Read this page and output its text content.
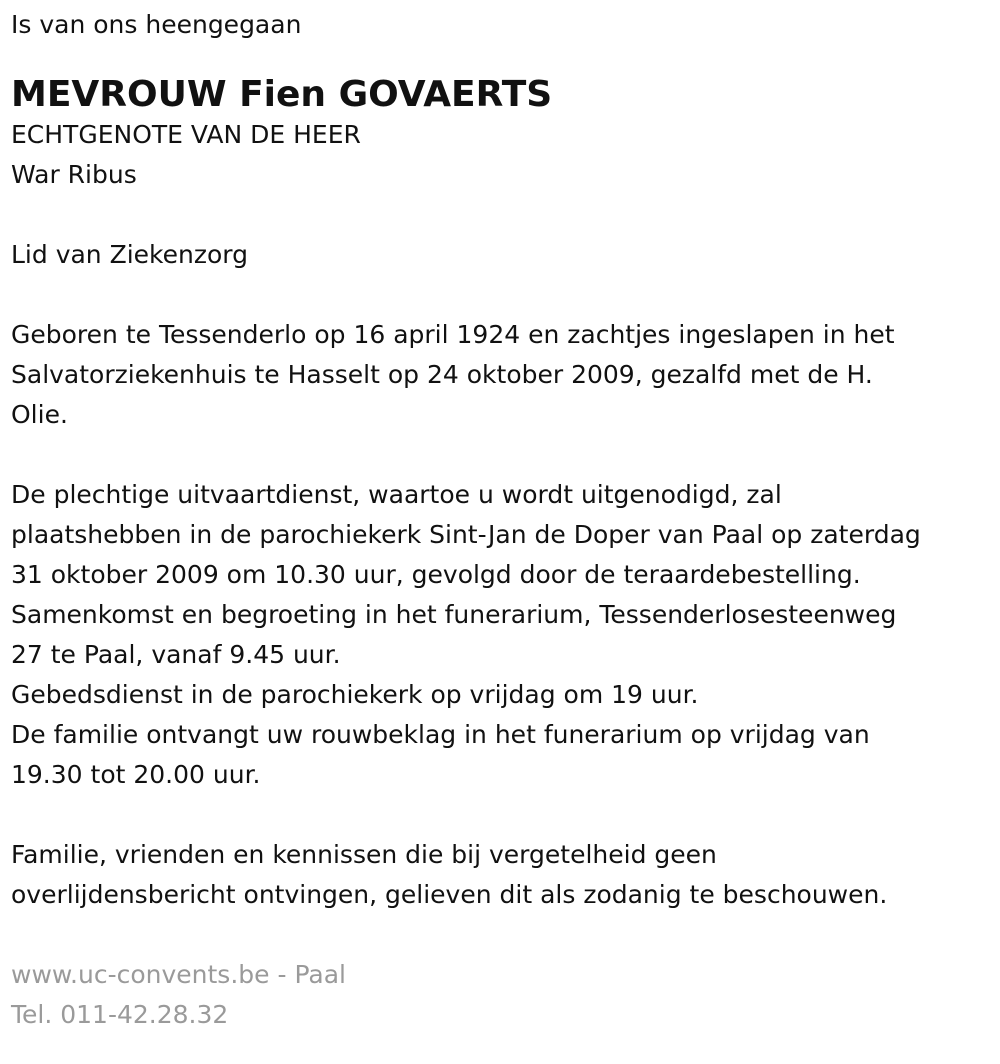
Is van ons heengegaan

MEVROUW Fien GOVAERTS

ECHTGENOTE VAN DE HEER

War Ribus

Lid van Ziekenzorg

Geboren te Tessenderlo op 16 april 1924 en zachtjes ingeslapen in het

Salvatorziekenhuis te Hasselt op 24 oktober 2009, gezalfd met de H.

Olie.

De plechtige uitvaartdienst, waartoe u wordt uitgenodigd, zal

plaatshebben in de parochiekerk Sint-Jan de Doper van Paal op zaterdag

31 oktober 2009 om 10.30 uur, gevolgd door de teraardebestelling.

Samenkomst en begroeting in het funerarium, Tessenderlosesteenweg

27 te Paal, vanaf 9.45 uur.

Gebedsdienst in de parochiekerk op vrijdag om 19 uur.

De familie ontvangt uw rouwbeklag in het funerarium op vrijdag van

19.30 tot 20.00 uur.

Familie, vrienden en kennissen die bij vergetelheid geen

overlijdensbericht ontvingen, gelieven dit als zodanig te beschouwen.

www.uc-convents.be - Paal

Tel. 011-42.28.32
